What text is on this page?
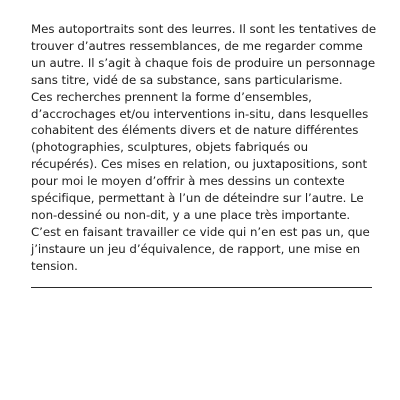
Mes autoportraits sont des leurres. Il sont les tentatives de
trouver d’autres ressemblances, de me regarder comme
un autre. Il s’agit à chaque fois de produire un personnage
sans titre, vidé de sa substance, sans particularisme.
Ces recherches prennent la forme d’ensembles,
d’accrochages et/ou interventions in-situ, dans lesquelles
cohabitent des éléments divers et de nature différentes
(photographies, sculptures, objets fabriqués ou
récupérés). Ces mises en relation, ou juxtapositions, sont
pour moi le moyen d’offrir à mes dessins un contexte
spécifique, permettant à l’un de déteindre sur l’autre. Le
non-dessiné ou non-dit, y a une place très importante.
C’est en faisant travailler ce vide qui n’en est pas un, que
j’instaure un jeu d’équivalence, de rapport, une mise en
tension.
